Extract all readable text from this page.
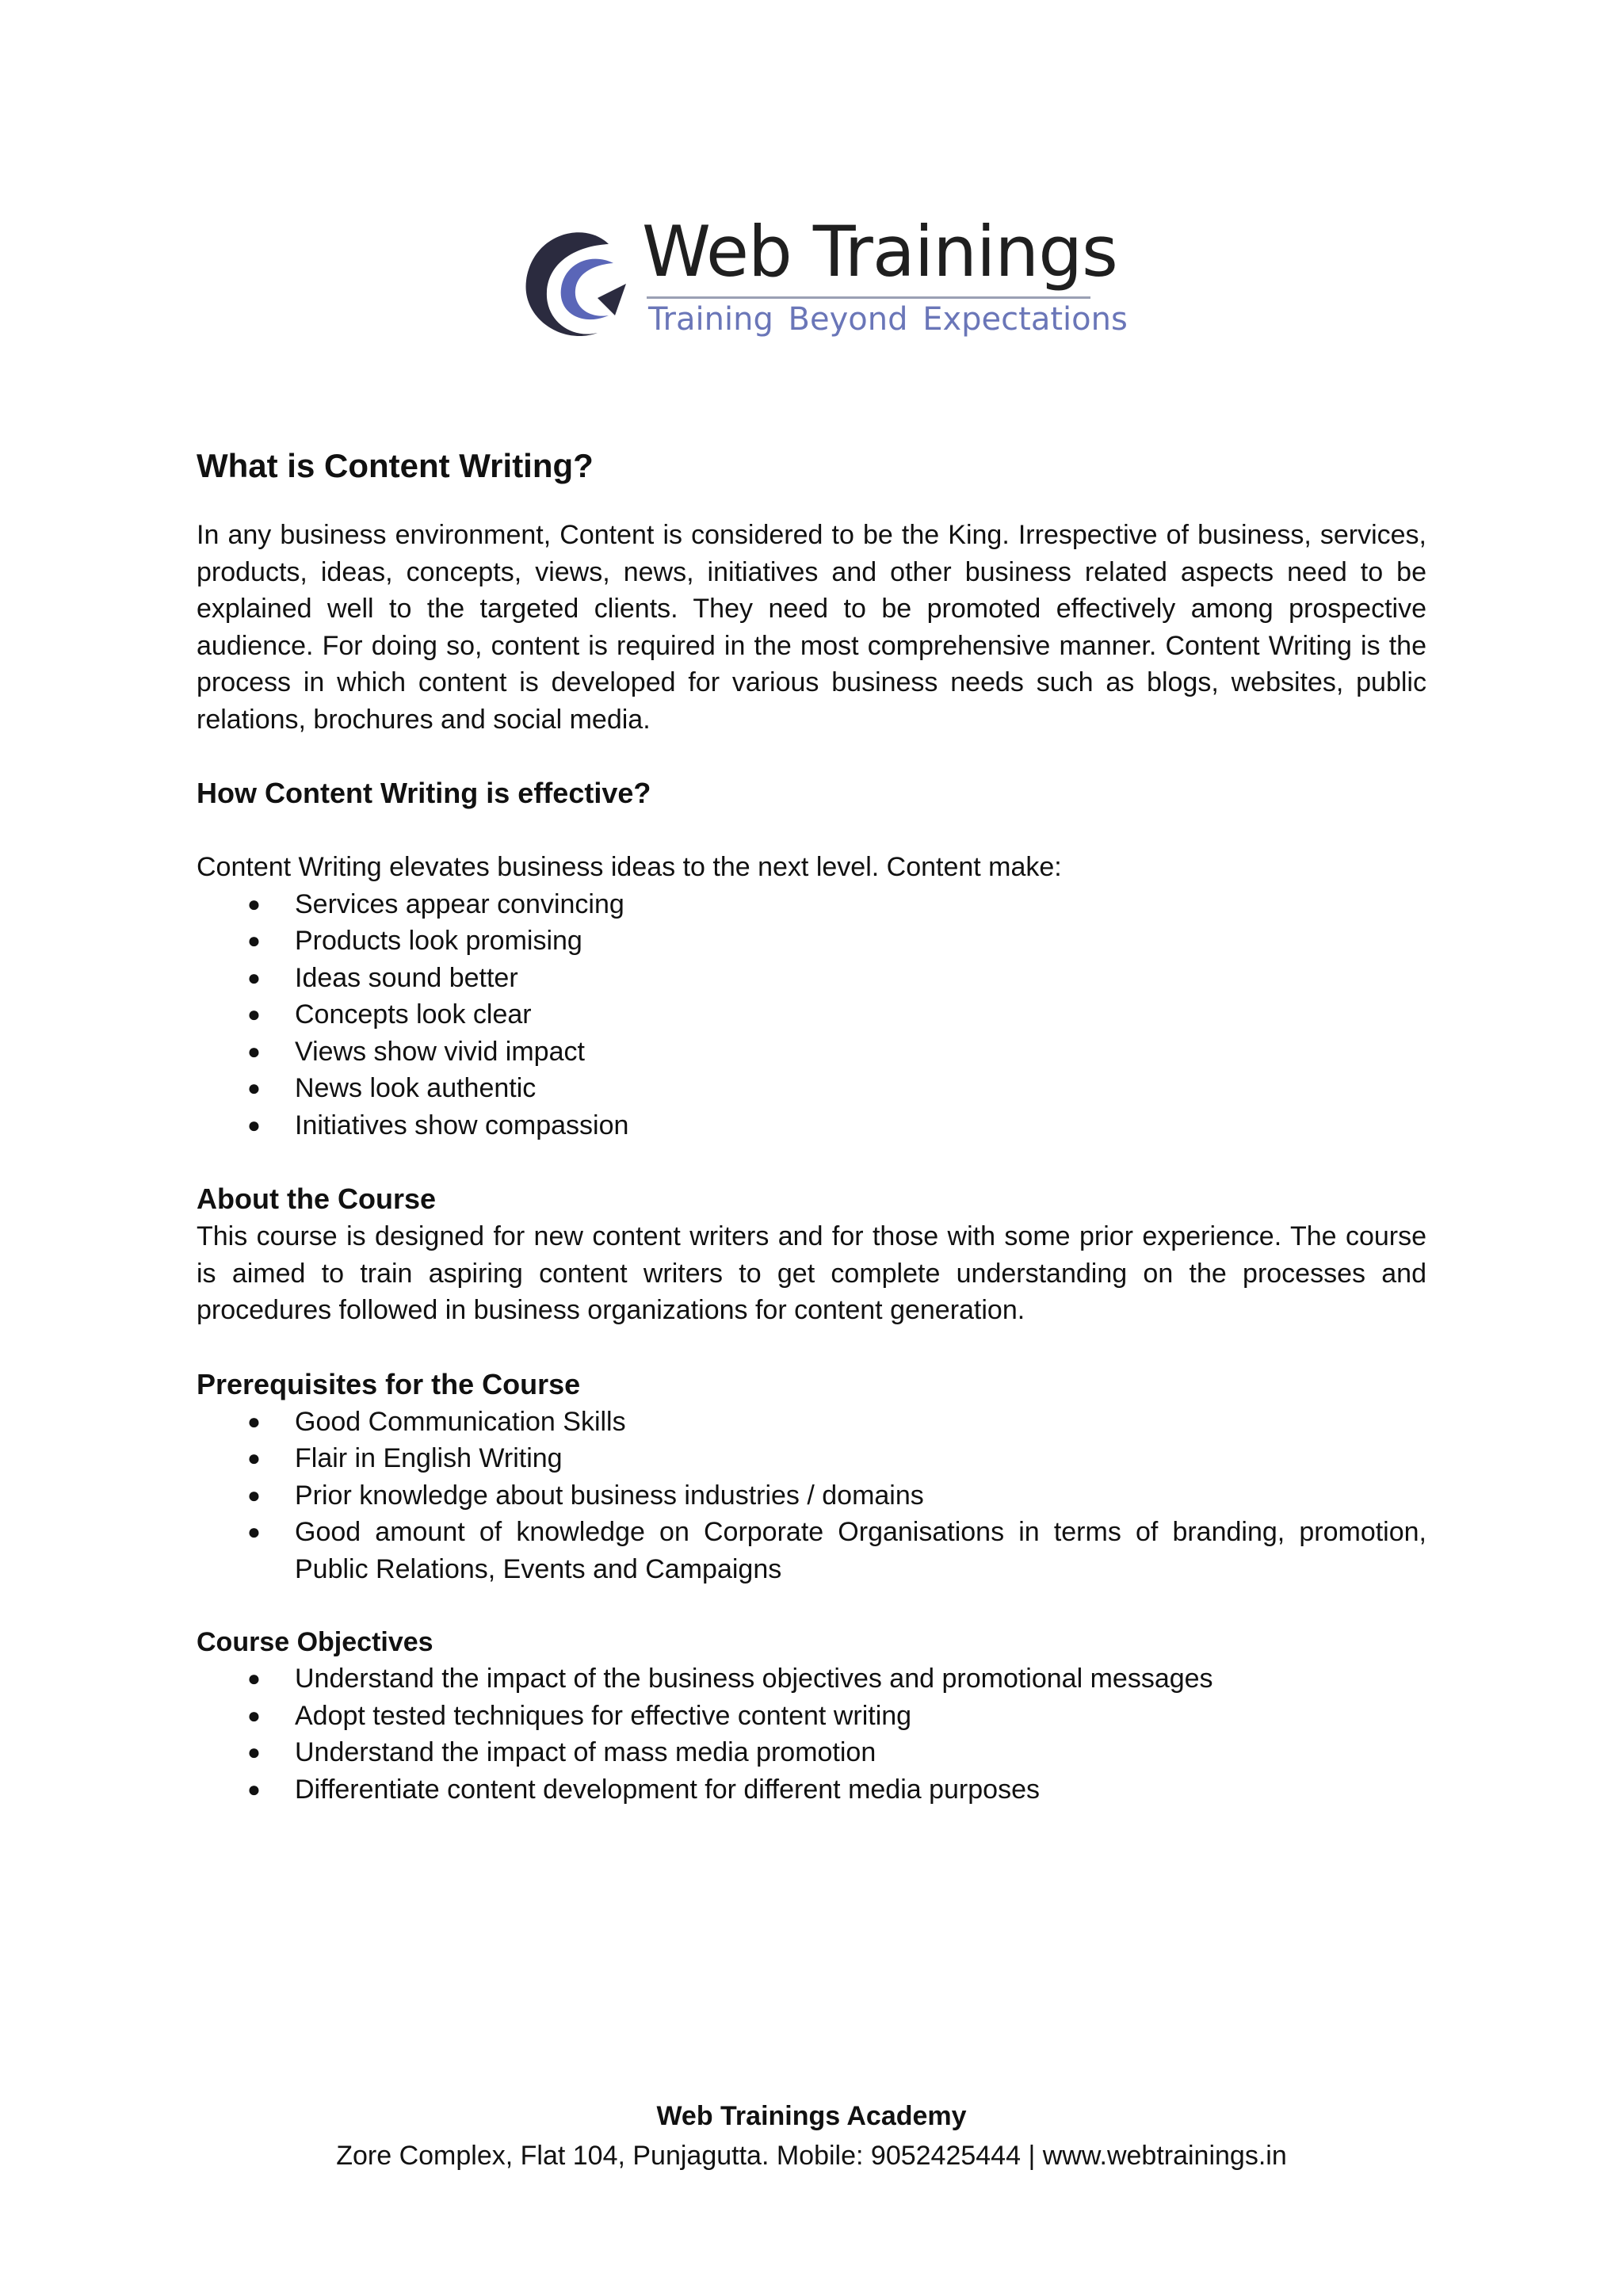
Web Trainings
Training Beyond Expectations
What is Content Writing?

In any business environment, Content is considered to be the King. Irrespective of business, services, products, ideas, concepts, views, news, initiatives and other business related aspects need to be explained well to the targeted clients. They need to be promoted effectively among prospective audience. For doing so, content is required in the most comprehensive manner. Content Writing is the process in which content is developed for various business needs such as blogs, websites, public relations, brochures and social media.

How Content Writing is effective?

Content Writing elevates business ideas to the next level. Content make:

● Services appear convincing
● Products look promising
● Ideas sound better
● Concepts look clear
● Views show vivid impact
● News look authentic
● Initiatives show compassion
About the Course

This course is designed for new content writers and for those with some prior experience. The course is aimed to train aspiring content writers to get complete understanding on the processes and procedures followed in business organizations for content generation.

Prerequisites for the Course
● Good Communication Skills
● Flair in English Writing
● Prior knowledge about business industries / domains
● Good amount of knowledge on Corporate Organisations in terms of branding, promotion, Public Relations, Events and Campaigns
Course Objectives
● Understand the impact of the business objectives and promotional messages
● Adopt tested techniques for effective content writing
● Understand the impact of mass media promotion
● Differentiate content development for different media purposes
Web Trainings Academy
Zore Complex, Flat 104, Punjagutta. Mobile: 9052425444 | www.webtrainings.in
